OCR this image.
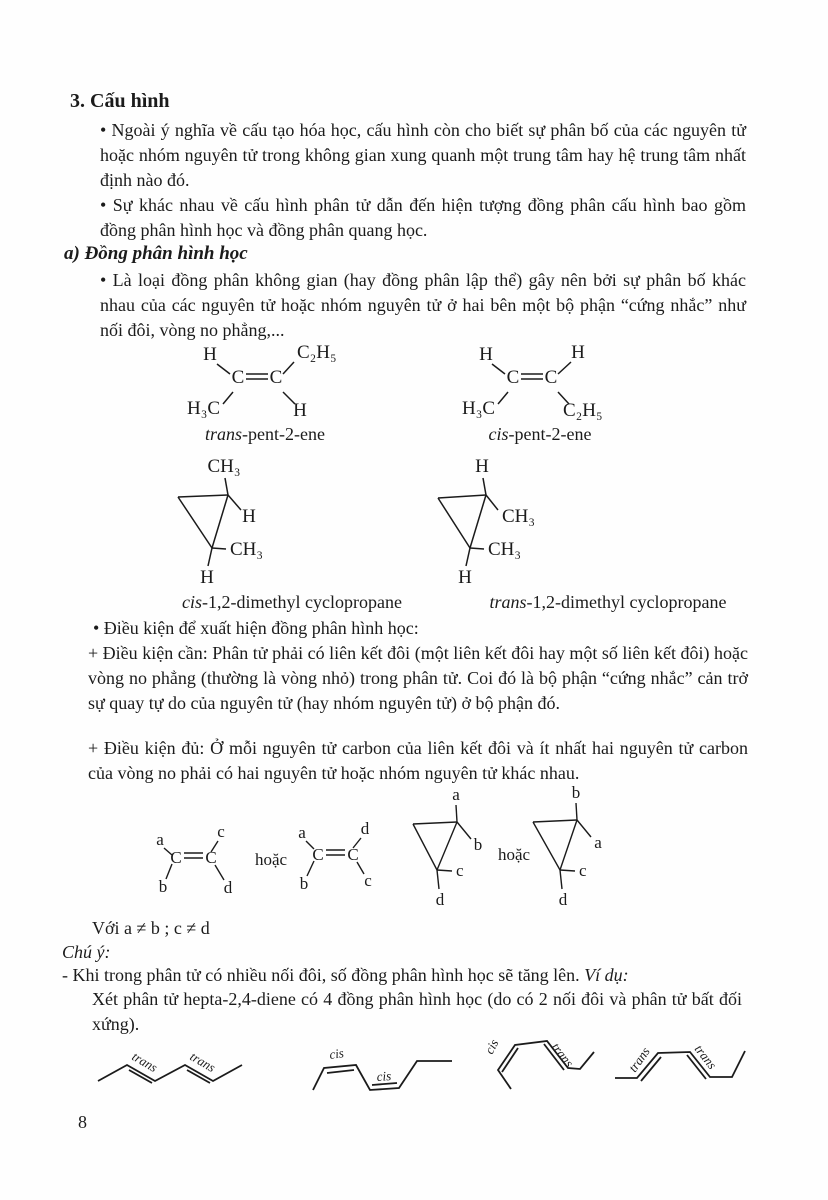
3. Cấu hình

• Ngoài ý nghĩa về cấu tạo hóa học, cấu hình còn cho biết sự phân bố của các nguyên tử hoặc nhóm nguyên tử trong không gian xung quanh một trung tâm hay hệ trung tâm nhất định nào đó.

• Sự khác nhau về cấu hình phân tử dẫn đến hiện tượng đồng phân cấu hình bao gồm đồng phân hình học và đồng phân quang học.

a) Đồng phân hình học

• Là loại đồng phân không gian (hay đồng phân lập thể) gây nên bởi sự phân bố khác nhau của các nguyên tử hoặc nhóm nguyên tử ở hai bên một bộ phận “cứng nhắc” như nối đôi, vòng no phẳng,...

C C
H	C₂H₅
H₃C	H
trans-pent-2-ene
C C
H	H
H₃C	C₂H₅
cis-pent-2-ene
CH₃
H
CH₃
H
cis-1,2-dimethyl cyclopropane
H
CH₃
CH₃
H
trans-1,2-dimethyl cyclopropane

• Điều kiện để xuất hiện đồng phân hình học:

+ Điều kiện cần: Phân tử phải có liên kết đôi (một liên kết đôi hay một số liên kết đôi) hoặc vòng no phẳng (thường là vòng nhỏ) trong phân tử. Coi đó là bộ phận “cứng nhắc” cản trở sự quay tự do của nguyên tử (hay nhóm nguyên tử) ở bộ phận đó.

+ Điều kiện đủ: Ở mỗi nguyên tử carbon của liên kết đôi và ít nhất hai nguyên tử carbon của vòng no phải có hai nguyên tử hoặc nhóm nguyên tử khác nhau.

C C
a	c
b	d
hoặc C C
a	d
b	c
a
b
c
d
hoặc
b
a
c
d

Với a ≠ b ; c ≠ d

Chú ý:

- Khi trong phân tử có nhiều nối đôi, số đồng phân hình học sẽ tăng lên. Ví dụ:

Xét phân tử hepta-2,4-diene có 4 đồng phân hình học (do có 2 nối đôi và phân tử bất đối xứng).

trans trans	cis
cis
cis	trans	trans	trans
8
